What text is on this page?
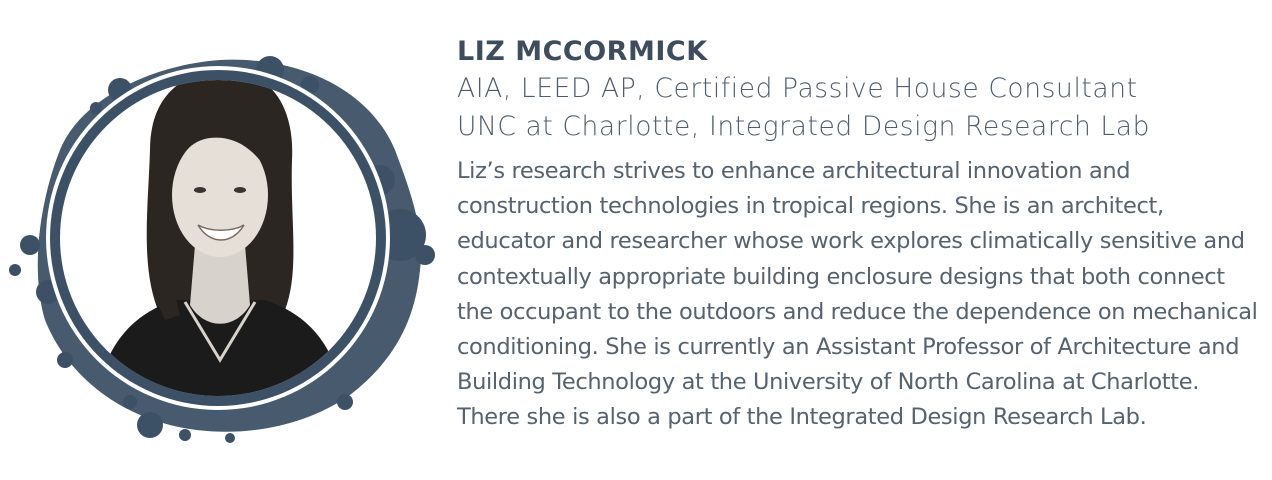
LIZ MCCORMICK

AIA, LEED AP, Certified Passive House Consultant

UNC at Charlotte, Integrated Design Research Lab

Liz’s research strives to enhance architectural innovation and construction technologies in tropical regions. She is an architect, educator and researcher whose work explores climatically sensitive and contextually appropriate building enclosure designs that both connect the occupant to the outdoors and reduce the dependence on mechanical conditioning. She is currently an Assistant Professor of Architecture and Building Technology at the University of North Carolina at Charlotte. There she is also a part of the Integrated Design Research Lab.
